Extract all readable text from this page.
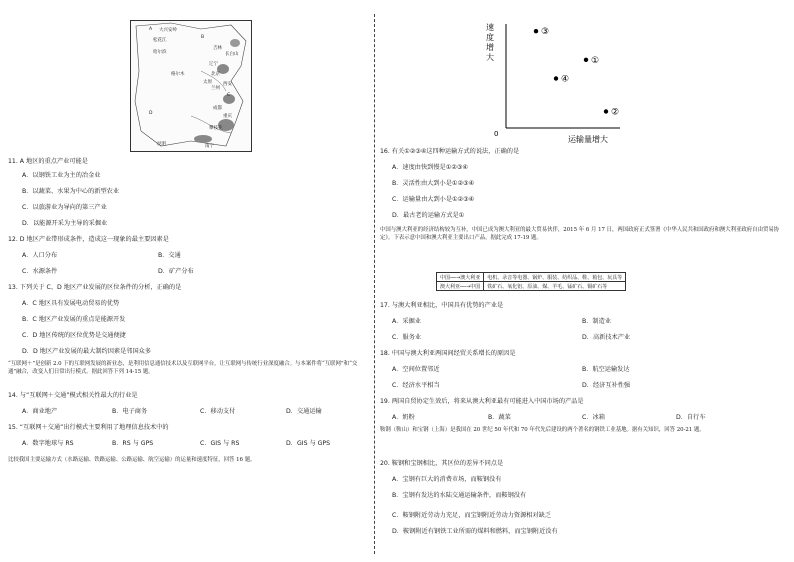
A 大兴安岭
松花江
哈尔滨
B
吉林
长白山
格尔木
辽宁
北京
太原
兰州
西安
C
成都
D
重庆
攀枝花
昆明	南宁
11. A 地区的重点产业可能是
A．以钢铁工业为主的冶金业
B．以蔬菜、水果为中心的新型农业
C．以旅游业为导向的第三产业
D．以能源开采为主导的采掘业
12. D 地区产业带形成条件，造成这一现象的最主要因素是
A．人口分布	B．交通
C．水源条件	D．矿产分布
13. 下列关于 C、D 地区产业发展的区位条件的分析，正确的是
A．C 地区具有发展电动贸易的优势
B．C 地区产业发展的重点是能源开发
C．D 地区传统的区位优势是交通便捷
D．D 地区产业发展的最大制约因素是邻国众多
“互联网＋”是创新 2.0 下的互联网发展的新业态，是利用信息通信技术以及互联网平台，让互联网与传统行业深度融合。与本案件将“互联网”和“交通”融合，改变人们日常出行模式。据此回答下列 14-15 题。
14. 与“互联网＋交通”模式相关性最大的行业是
A．商业地产	B．电子商务	C．移动支付	D．交通运输
15. “互联网＋交通”出行模式主要利用了地理信息技术中的
A．数字地球与 RS	B．RS 与 GPS	C．GIS 与 RS	D．GIS 与 GPS
比较我国主要运输方式（水路运输、铁路运输、公路运输、航空运输）的运量和速度特征，回答 16 题。
速
度
增
大
0
运输量增大
③
①
④
②
16. 有关①②③④这四种运输方式的说法，正确的是
A．速度由快到慢是①②③④
B．灵活性由大到小是①②③④
C．运输量由大到小是①②③④
D．最古老的运输方式是①
中国与澳大利亚的经济结构较为互补，中国已成为澳大利亚的最大贸易伙伴，2015 年 6 月 17 日，两国政府正式签署《中华人民共和国政府和澳大利亚政府自由贸易协定》。下表示意中国和澳大利亚主要出口产品。据此完成 17-19 题。
中国──→澳大利亚	电机、录音等电器、锅炉、服装、纺织品、鞋、箱包、玩具等
澳大利亚──→中国	铁矿石、氧化铝、原油、煤、羊毛、锰矿石、铜矿石等
17. 与澳大利亚相比，中国具有优势的产业是
A．采掘业	B．制造业
C．服务业	D．高新技术产业
18. 中国与澳大利亚两国间经贸关系增长的原因是
A．空间位置邻近	B．航空运输发达
C．经济水平相当	D．经济互补性强
19. 两国自贸协定生效后，将来从澳大利亚最有可能进入中国市场的产品是
A．奶粉	B．蔬菜	C．冰箱	D．自行车
鞍钢（鞍山）和宝钢（上海）是我国在 20 世纪 50 年代和 70 年代先后建设的两个著名的钢铁工业基地。据有关知识，回答 20-21 题。
20. 鞍钢和宝钢相比，其区位的差异不同点是
A．宝钢有巨大的消费市场，而鞍钢没有
B．宝钢有发达的水陆交通运输条件，而鞍钢没有
C．鞍钢附近劳动力充足，而宝钢附近劳动力资源相对缺乏
D．鞍钢附近有钢铁工业所需的煤料和燃料，而宝钢附近没有
